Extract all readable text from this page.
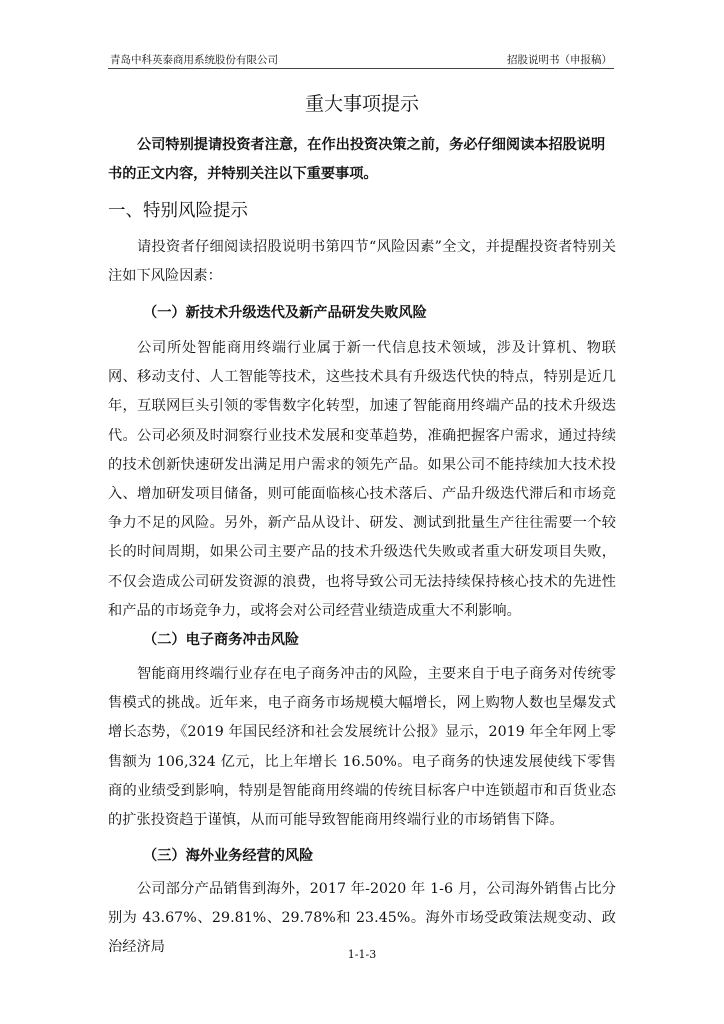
青岛中科英泰商用系统股份有限公司	招股说明书（申报稿）
重大事项提示
公司特别提请投资者注意，在作出投资决策之前，务必仔细阅读本招股说明书的正文内容，并特别关注以下重要事项。
一、特别风险提示
请投资者仔细阅读招股说明书第四节“风险因素”全文，并提醒投资者特别关注如下风险因素：
（一）新技术升级迭代及新产品研发失败风险
公司所处智能商用终端行业属于新一代信息技术领域，涉及计算机、物联网、移动支付、人工智能等技术，这些技术具有升级迭代快的特点，特别是近几年，互联网巨头引领的零售数字化转型，加速了智能商用终端产品的技术升级迭代。公司必须及时洞察行业技术发展和变革趋势，准确把握客户需求，通过持续的技术创新快速研发出满足用户需求的领先产品。如果公司不能持续加大技术投入、增加研发项目储备，则可能面临核心技术落后、产品升级迭代滞后和市场竞争力不足的风险。另外，新产品从设计、研发、测试到批量生产往往需要一个较长的时间周期，如果公司主要产品的技术升级迭代失败或者重大研发项目失败，不仅会造成公司研发资源的浪费，也将导致公司无法持续保持核心技术的先进性和产品的市场竞争力，或将会对公司经营业绩造成重大不利影响。
（二）电子商务冲击风险
智能商用终端行业存在电子商务冲击的风险，主要来自于电子商务对传统零售模式的挑战。近年来，电子商务市场规模大幅增长，网上购物人数也呈爆发式增长态势，《2019 年国民经济和社会发展统计公报》显示，2019 年全年网上零售额为 106,324 亿元，比上年增长 16.50%。电子商务的快速发展使线下零售商的业绩受到影响，特别是智能商用终端的传统目标客户中连锁超市和百货业态的扩张投资趋于谨慎，从而可能导致智能商用终端行业的市场销售下降。
（三）海外业务经营的风险
公司部分产品销售到海外，2017 年-2020 年 1-6 月，公司海外销售占比分别为 43.67%、29.81%、29.78%和 23.45%。海外市场受政策法规变动、政治经济局	1-1-3
